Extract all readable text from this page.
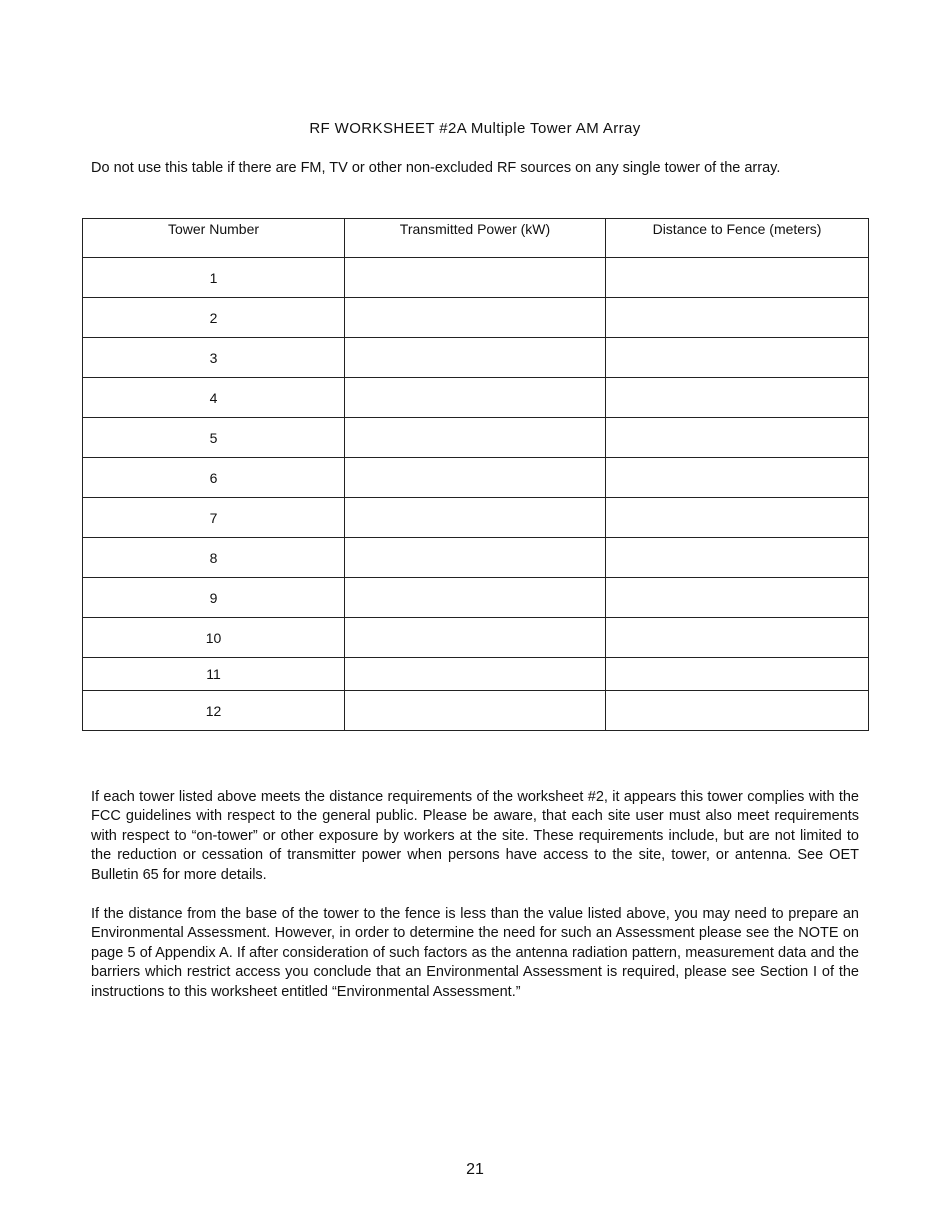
RF WORKSHEET #2A Multiple Tower AM Array
Do not use this table if there are FM, TV or other non-excluded RF sources on any single tower of the array.
Tower Number	Transmitted Power (kW)	Distance to Fence (meters)
1		
2		
3		
4		
5		
6		
7		
8		
9		
10		
11		
12		

If each tower listed above meets the distance requirements of the worksheet #2, it appears this tower complies with the FCC guidelines with respect to the general public. Please be aware, that each site user must also meet requirements with respect to “on-tower” or other exposure by workers at the site. These requirements include, but are not limited to the reduction or cessation of transmitter power when persons have access to the site, tower, or antenna. See OET Bulletin 65 for more details.

If the distance from the base of the tower to the fence is less than the value listed above, you may need to prepare an Environmental Assessment. However, in order to determine the need for such an Assessment please see the NOTE on page 5 of Appendix A. If after consideration of such factors as the antenna radiation pattern, measurement data and the barriers which restrict access you conclude that an Environmental Assessment is required, please see Section I of the instructions to this worksheet entitled “Environmental Assessment.”

21
